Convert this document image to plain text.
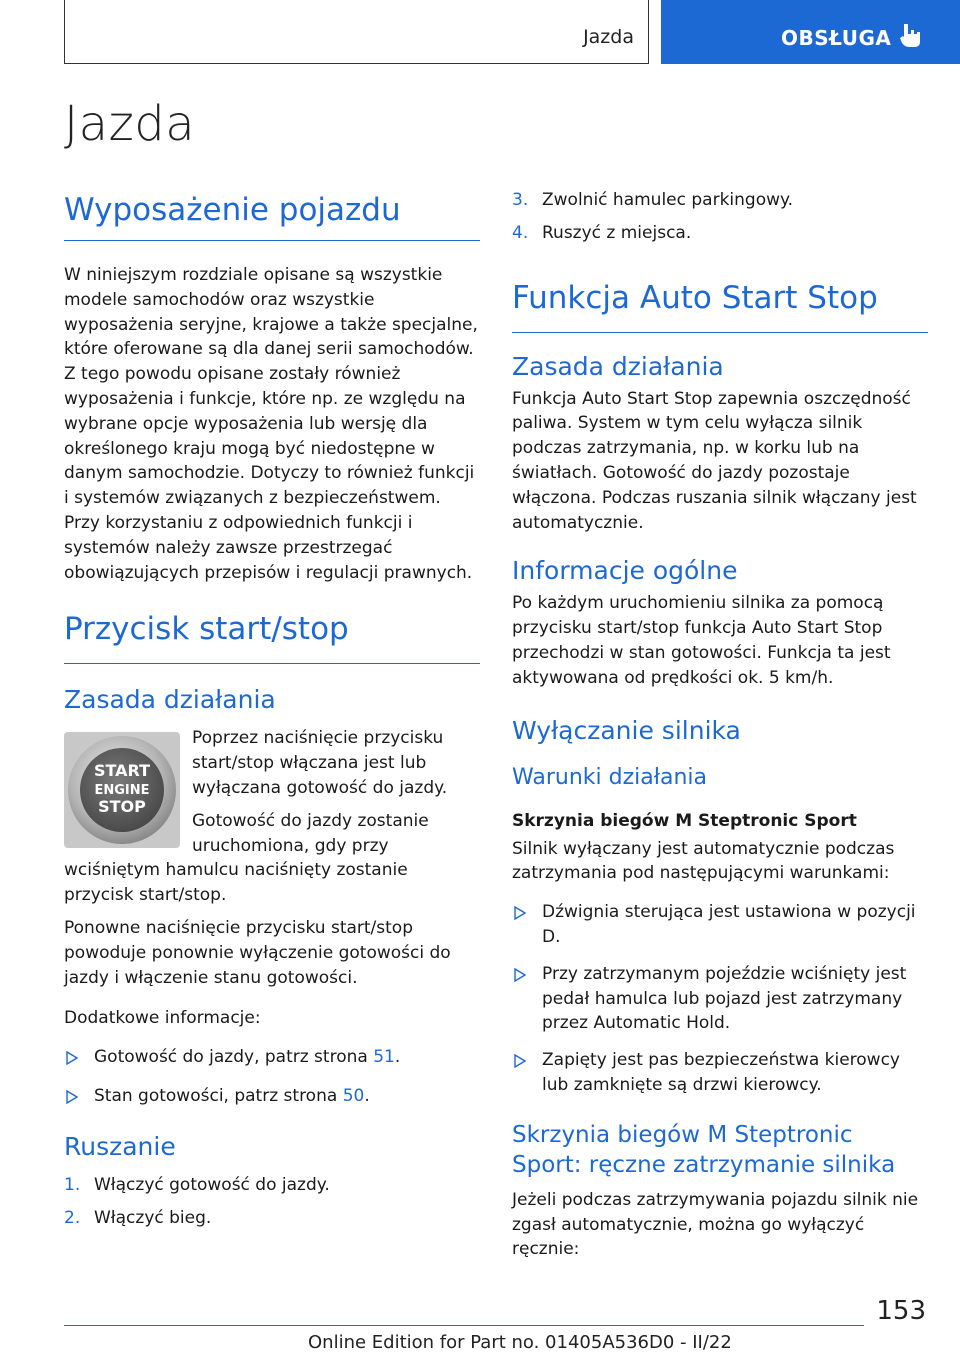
Jazda	OBSŁUGA
Jazda
Wyposażenie pojazdu

W niniejszym rozdziale opisane są wszystkie modele samochodów oraz wszystkie wyposażenia seryjne, krajowe a także specjalne, które oferowane są dla danej serii samochodów. Z tego powodu opisane zostały również wyposażenia i funkcje, które np. ze względu na wybrane opcje wyposażenia lub wersję dla określonego kraju mogą być niedostępne w danym samochodzie. Dotyczy to również funkcji i systemów związanych z bezpieczeństwem. Przy korzystaniu z odpowiednich funkcji i systemów należy zawsze przestrzegać obowiązujących przepisów i regulacji prawnych.

Przycisk start/stop
Zasada działania
START
ENGINE
STOP

Poprzez naciśnięcie przycisku start/stop włączana jest lub wyłączana gotowość do jazdy.

Gotowość do jazdy zostanie uruchomiona, gdy przy wciśniętym hamulcu naciśnięty zostanie przycisk start/stop.

Ponowne naciśnięcie przycisku start/stop powoduje ponownie wyłączenie gotowości do jazdy i włączenie stanu gotowości.

Dodatkowe informacje:

Gotowość do jazdy, patrz strona 51.
Stan gotowości, patrz strona 50.
Ruszanie
1. Włączyć gotowość do jazdy.
2. Włączyć bieg.
3. Zwolnić hamulec parkingowy.
4. Ruszyć z miejsca.
Funkcja Auto Start Stop
Zasada działania

Funkcja Auto Start Stop zapewnia oszczędność paliwa. System w tym celu wyłącza silnik podczas zatrzymania, np. w korku lub na światłach. Gotowość do jazdy pozostaje włączona. Podczas ruszania silnik włączany jest automatycznie.

Informacje ogólne

Po każdym uruchomieniu silnika za pomocą przycisku start/stop funkcja Auto Start Stop przechodzi w stan gotowości. Funkcja ta jest aktywowana od prędkości ok. 5 km/h.

Wyłączanie silnika
Warunki działania
Skrzynia biegów M Steptronic Sport

Silnik wyłączany jest automatycznie podczas zatrzymania pod następującymi warunkami:

Dźwignia sterująca jest ustawiona w pozycji D.
Przy zatrzymanym pojeździe wciśnięty jest pedał hamulca lub pojazd jest zatrzymany przez Automatic Hold.
Zapięty jest pas bezpieczeństwa kierowcy lub zamknięte są drzwi kierowcy.
Skrzynia biegów M Steptronic Sport: ręczne zatrzymanie silnika

Jeżeli podczas zatrzymywania pojazdu silnik nie zgasł automatycznie, można go wyłączyć ręcznie:

153
Online Edition for Part no. 01405A536D0 - II/22
